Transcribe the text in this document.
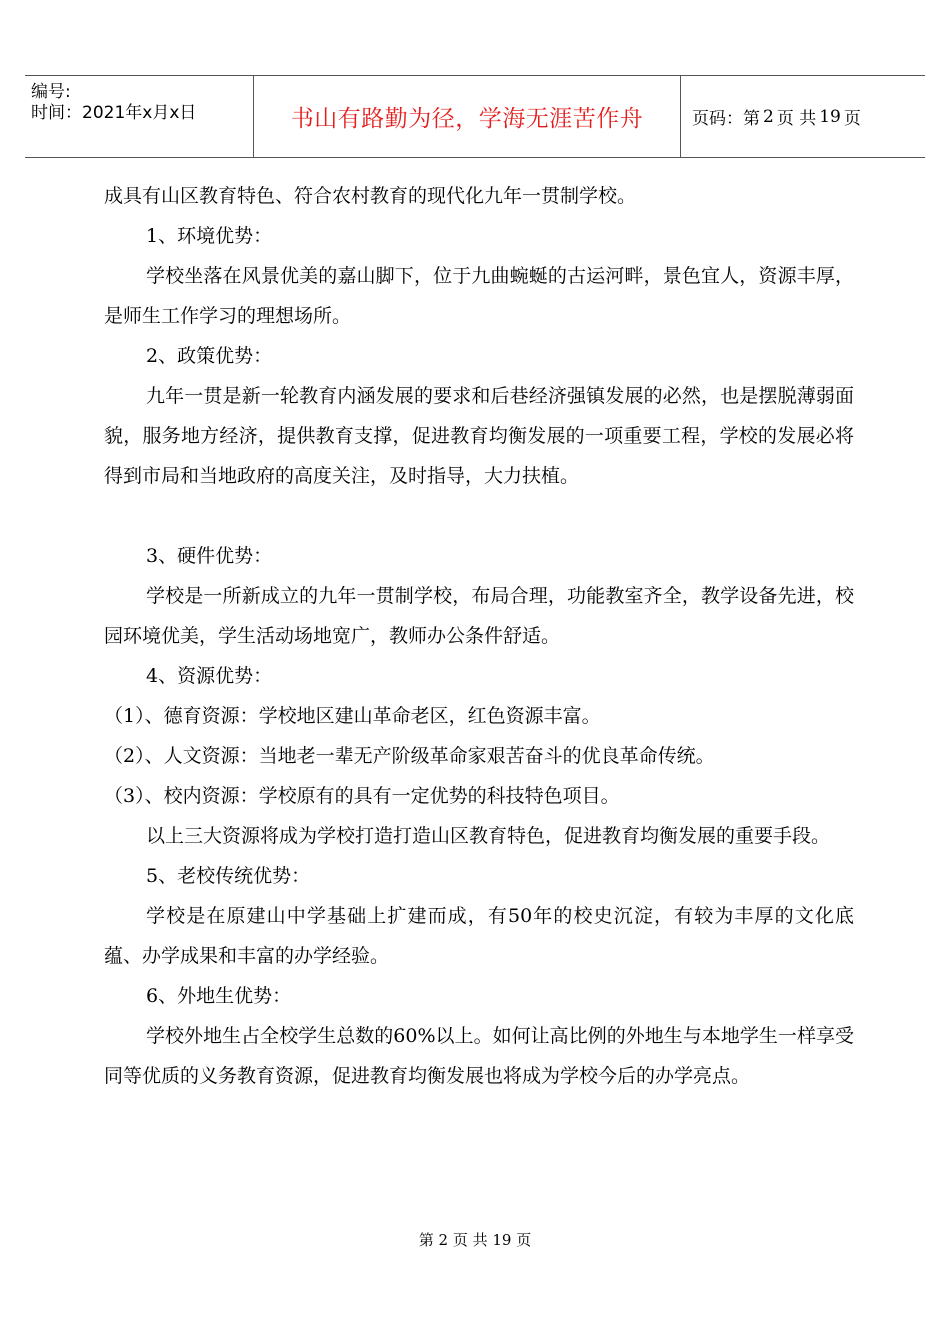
编号:
时间：2021年x月x日	书山有路勤为径，学海无涯苦作舟	页码：第 2 页 共 19 页

成具有山区教育特色、符合农村教育的现代化九年一贯制学校。

1、环境优势：

学校坐落在风景优美的嘉山脚下，位于九曲蜿蜒的古运河畔，景色宜人，资源丰厚，是师生工作学习的理想场所。

2、政策优势：

九年一贯是新一轮教育内涵发展的要求和后巷经济强镇发展的必然，也是摆脱薄弱面貌，服务地方经济，提供教育支撑，促进教育均衡发展的一项重要工程，学校的发展必将得到市局和当地政府的高度关注，及时指导，大力扶植。

3、硬件优势：

学校是一所新成立的九年一贯制学校，布局合理，功能教室齐全，教学设备先进，校园环境优美，学生活动场地宽广，教师办公条件舒适。

4、资源优势：

（1）、德育资源：学校地区建山革命老区，红色资源丰富。

（2）、人文资源：当地老一辈无产阶级革命家艰苦奋斗的优良革命传统。

（3）、校内资源：学校原有的具有一定优势的科技特色项目。

以上三大资源将成为学校打造打造山区教育特色，促进教育均衡发展的重要手段。

5、老校传统优势：

学校是在原建山中学基础上扩建而成，有50年的校史沉淀，有较为丰厚的文化底蕴、办学成果和丰富的办学经验。

6、外地生优势：

学校外地生占全校学生总数的60%以上。如何让高比例的外地生与本地学生一样享受同等优质的义务教育资源，促进教育均衡发展也将成为学校今后的办学亮点。

第 2 页 共 19 页
